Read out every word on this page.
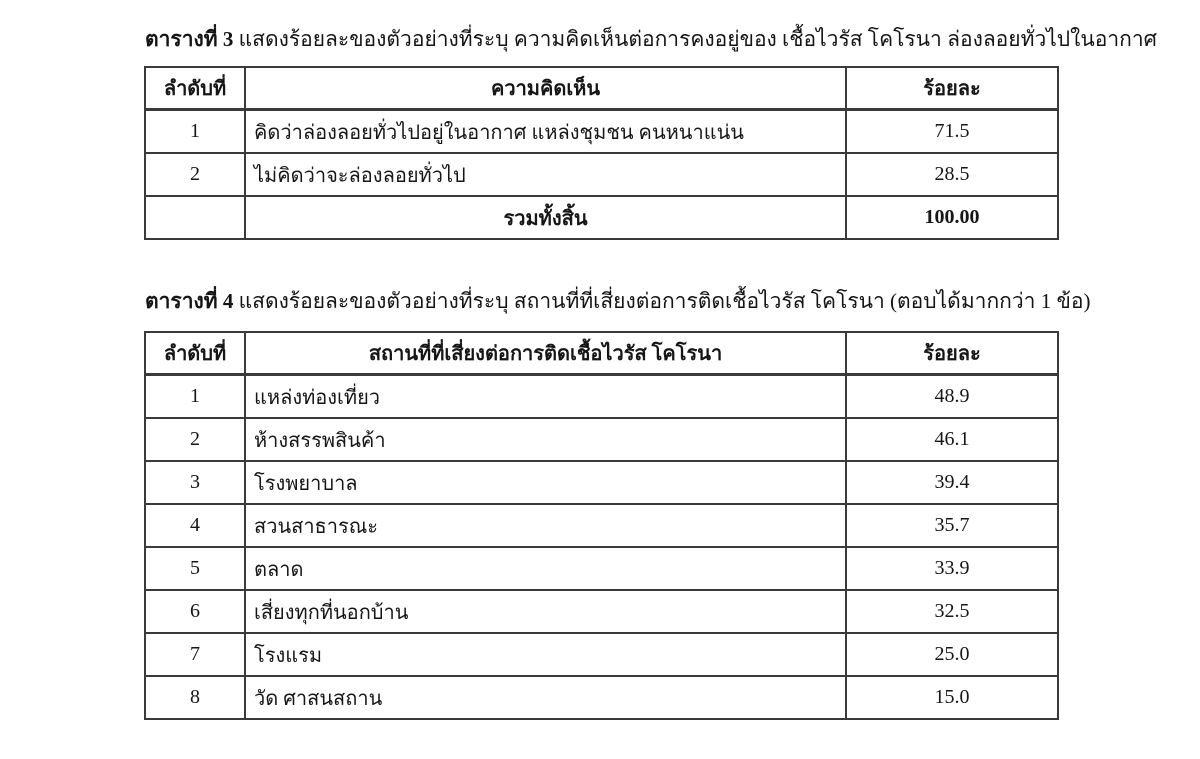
ตารางที่ 3 แสดงร้อยละของตัวอย่างที่ระบุ ความคิดเห็นต่อการคงอยู่ของ เชื้อไวรัส โคโรนา ล่องลอยทั่วไปในอากาศ
ลำดับที่	ความคิดเห็น	ร้อยละ
1	คิดว่าล่องลอยทั่วไปอยู่ในอากาศ แหล่งชุมชน คนหนาแน่น	71.5
2	ไม่คิดว่าจะล่องลอยทั่วไป	28.5
	รวมทั้งสิ้น	100.00
ตารางที่ 4 แสดงร้อยละของตัวอย่างที่ระบุ สถานที่ที่เสี่ยงต่อการติดเชื้อไวรัส โคโรนา (ตอบได้มากกว่า 1 ข้อ)
ลำดับที่	สถานที่ที่เสี่ยงต่อการติดเชื้อไวรัส โคโรนา	ร้อยละ
1	แหล่งท่องเที่ยว	48.9
2	ห้างสรรพสินค้า	46.1
3	โรงพยาบาล	39.4
4	สวนสาธารณะ	35.7
5	ตลาด	33.9
6	เสี่ยงทุกที่นอกบ้าน	32.5
7	โรงแรม	25.0
8	วัด ศาสนสถาน	15.0
